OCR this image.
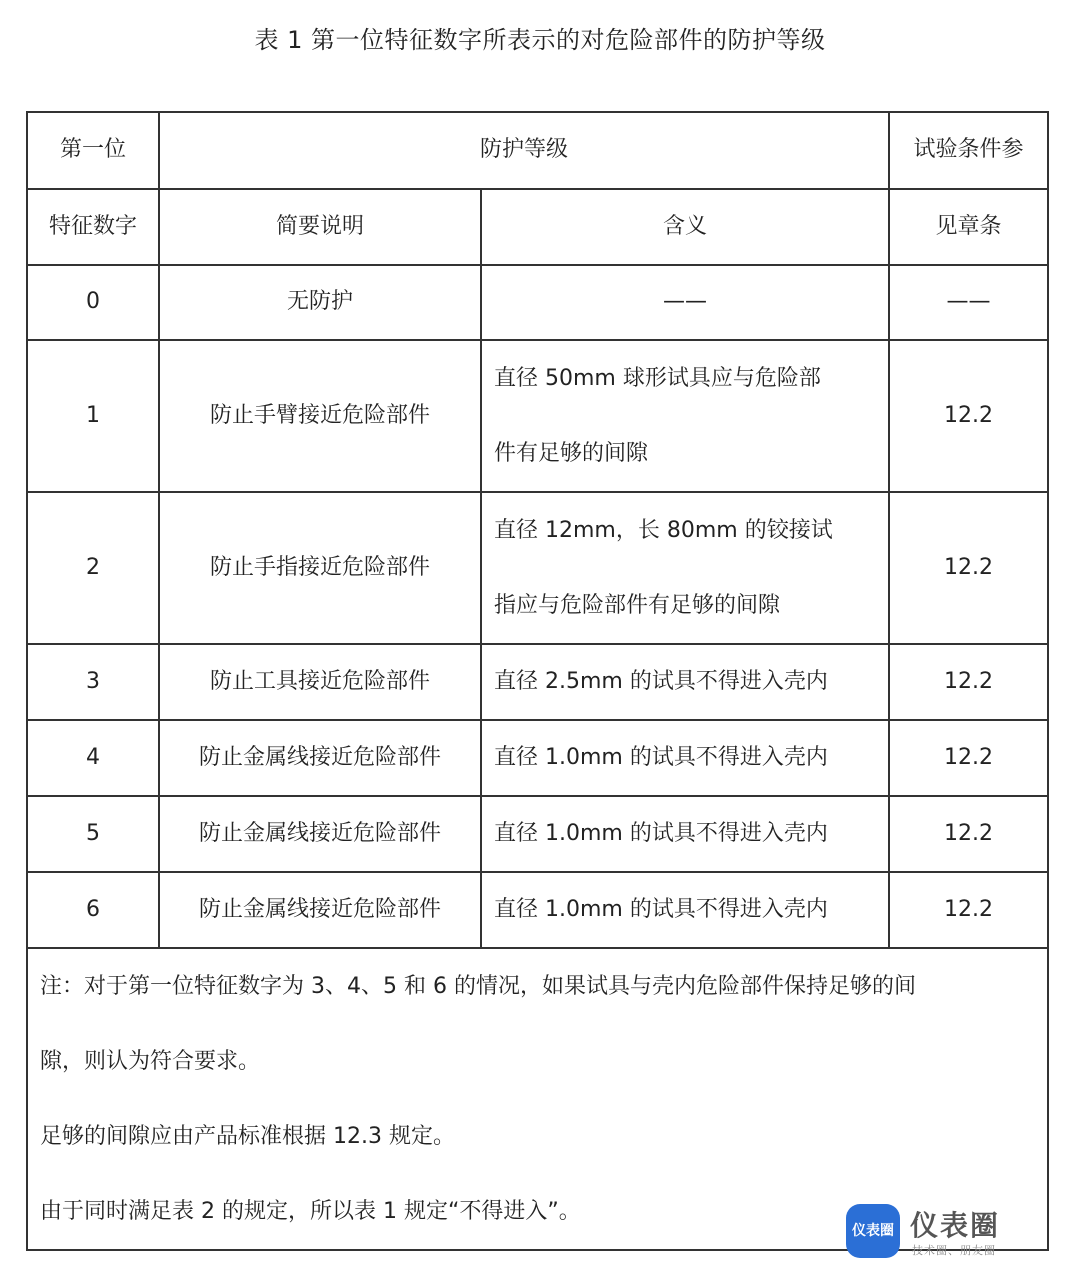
表 1 第一位特征数字所表示的对危险部件的防护等级
第一位	防护等级		试验条件参
特征数字	简要说明	含义	见章条
0	无防护	——	——
1	防止手臂接近危险部件	直径 50mm 球形试具应与危险部
件有足够的间隙	12.2
2	防止手指接近危险部件	直径 12mm，长 80mm 的铰接试
指应与危险部件有足够的间隙	12.2
3	防止工具接近危险部件	直径 2.5mm 的试具不得进入壳内	12.2
4	防止金属线接近危险部件	直径 1.0mm 的试具不得进入壳内	12.2
5	防止金属线接近危险部件	直径 1.0mm 的试具不得进入壳内	12.2
6	防止金属线接近危险部件	直径 1.0mm 的试具不得进入壳内	12.2

注：对于第一位特征数字为 3、4、5 和 6 的情况，如果试具与壳内危险部件保持足够的间
隙，则认为符合要求。
足够的间隙应由产品标准根据 12.3 规定。
由于同时满足表 2 的规定，所以表 1 规定“不得进入”。			
仪表圈 仪表圈
技术圈、朋友圈
